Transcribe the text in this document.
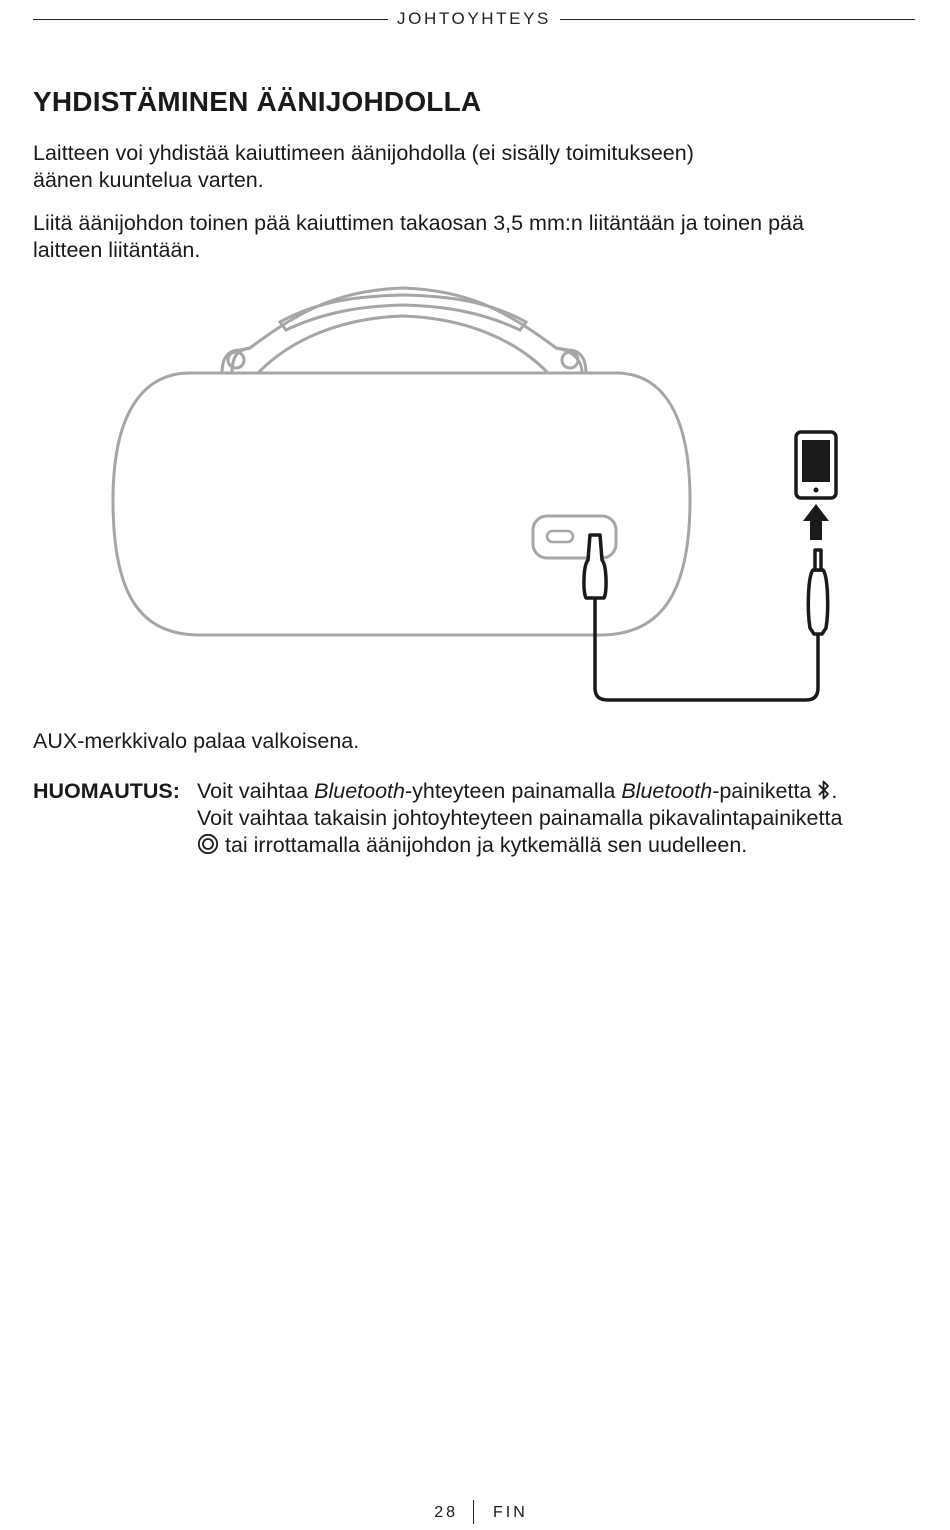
JOHTOYHTEYS
YHDISTÄMINEN ÄÄNIJOHDOLLA

Laitteen voi yhdistää kaiuttimeen äänijohdolla (ei sisälly toimitukseen)
äänen kuuntelua varten.

Liitä äänijohdon toinen pää kaiuttimen takaosan 3,5 mm:n liitäntään ja toinen pää
laitteen liitäntään.

AUX-merkkivalo palaa valkoisena.

HUOMAUTUS: Voit vaihtaa Bluetooth-yhteyteen painamalla Bluetooth-painiketta .
Voit vaihtaa takaisin johtoyhteyteen painamalla pikavalintapainiketta
tai irrottamalla äänijohdon ja kytkemällä sen uudelleen.
28 FIN
